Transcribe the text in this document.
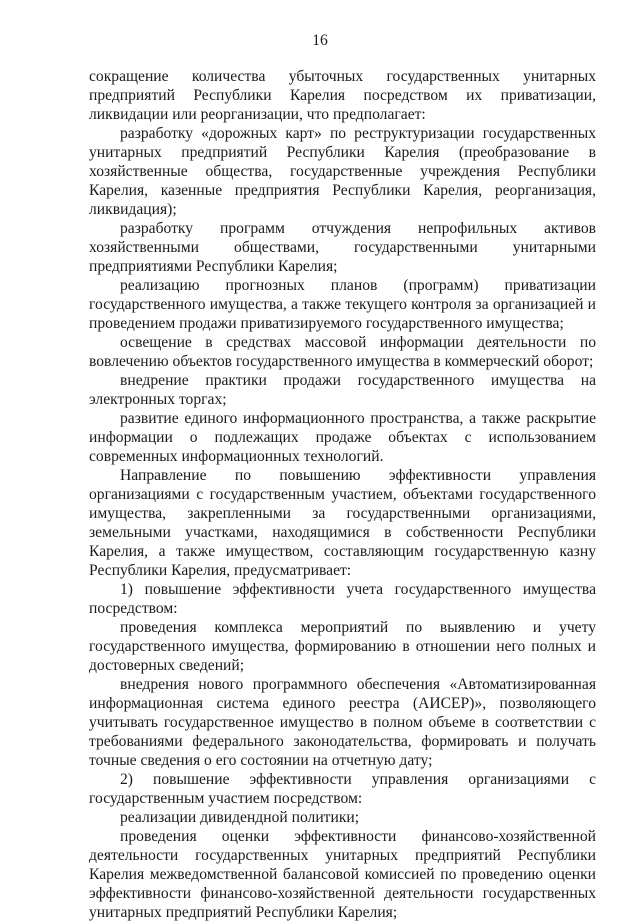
16

сокращение количества убыточных государственных унитарных предприятий Республики Карелия посредством их приватизации, ликвидации или реорганизации, что предполагает:

разработку «дорожных карт» по реструктуризации государственных унитарных предприятий Республики Карелия (преобразование в хозяйственные общества, государственные учреждения Республики Карелия, казенные предприятия Республики Карелия, реорганизация, ликвидация);

разработку программ отчуждения непрофильных активов хозяйственными обществами, государственными унитарными предприятиями Республики Карелия;

реализацию прогнозных планов (программ) приватизации государственного имущества, а также текущего контроля за организацией и проведением продажи приватизируемого государственного имущества;

освещение в средствах массовой информации деятельности по вовлечению объектов государственного имущества в коммерческий оборот;

внедрение практики продажи государственного имущества на электронных торгах;

развитие единого информационного пространства, а также раскрытие информации о подлежащих продаже объектах с использованием современных информационных технологий.

Направление по повышению эффективности управления организациями с государственным участием, объектами государственного имущества, закрепленными за государственными организациями, земельными участками, находящимися в собственности Республики Карелия, а также имуществом, составляющим государственную казну Республики Карелия, предусматривает:

1) повышение эффективности учета государственного имущества посредством:

проведения комплекса мероприятий по выявлению и учету государственного имущества, формированию в отношении него полных и достоверных сведений;

внедрения нового программного обеспечения «Автоматизированная информационная система единого реестра (АИСЕР)», позволяющего учитывать государственное имущество в полном объеме в соответствии с требованиями федерального законодательства, формировать и получать точные сведения о его состоянии на отчетную дату;

2) повышение эффективности управления организациями с государственным участием посредством:

реализации дивидендной политики;

проведения оценки эффективности финансово-хозяйственной деятельности государственных унитарных предприятий Республики Карелия межведомственной балансовой комиссией по проведению оценки эффективности финансово-хозяйственной деятельности государственных унитарных предприятий Республики Карелия;
